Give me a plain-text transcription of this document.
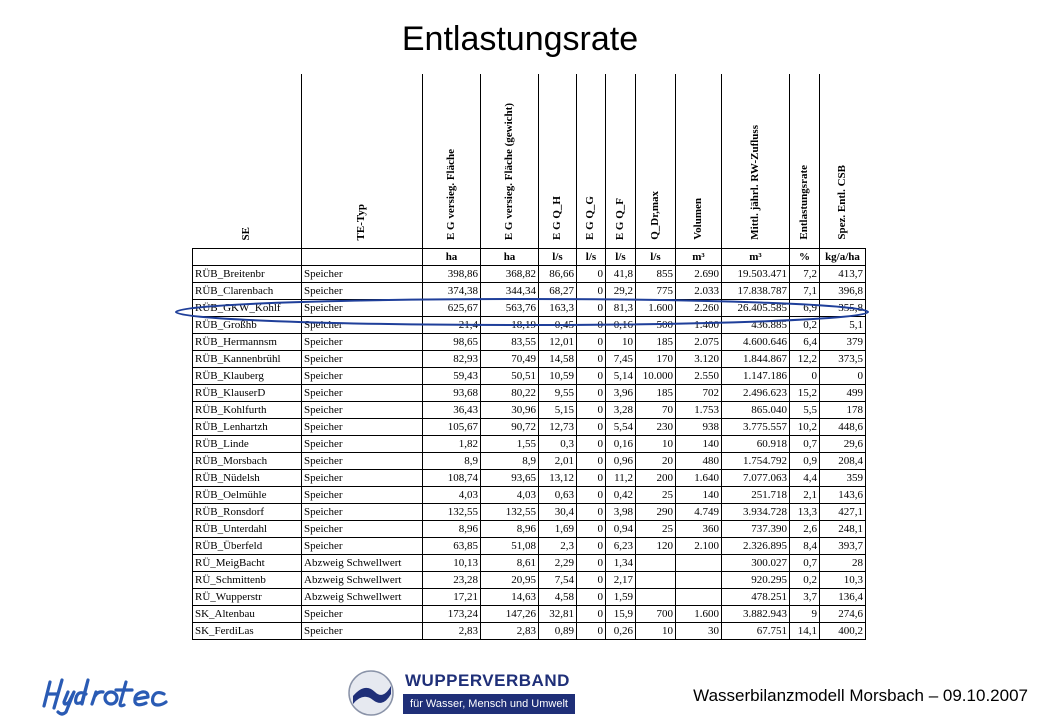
Entlastungsrate
SE	TE-Typ	E G versieg. Fläche	E G versieg. Fläche (gewicht)	E G Q_H	E G Q_G	E G Q_F	Q_Dr,max	Volumen	Mittl. jährl. RW-Zufluss	Entlastungsrate	Spez. Entl. CSB
		ha	ha	l/s	l/s	l/s	l/s	m³	m³	%	kg/a/ha
RÜB_Breitenbr	Speicher	398,86	368,82	86,66	0	41,8	855	2.690	19.503.471	7,2	413,7
RÜB_Clarenbach	Speicher	374,38	344,34	68,27	0	29,2	775	2.033	17.838.787	7,1	396,8
RÜB_GKW_Kohlf	Speicher	625,67	563,76	163,3	0	81,3	1.600	2.260	26.405.585	6,9	355,8
RÜB_Großhb	Speicher	21,4	18,19	0,45	0	0,16	500	1.400	436.885	0,2	5,1
RÜB_Hermannsm	Speicher	98,65	83,55	12,01	0	10	185	2.075	4.600.646	6,4	379
RÜB_Kannenbrühl	Speicher	82,93	70,49	14,58	0	7,45	170	3.120	1.844.867	12,2	373,5
RÜB_Klauberg	Speicher	59,43	50,51	10,59	0	5,14	10.000	2.550	1.147.186	0	0
RÜB_KlauserD	Speicher	93,68	80,22	9,55	0	3,96	185	702	2.496.623	15,2	499
RÜB_Kohlfurth	Speicher	36,43	30,96	5,15	0	3,28	70	1.753	865.040	5,5	178
RÜB_Lenhartzh	Speicher	105,67	90,72	12,73	0	5,54	230	938	3.775.557	10,2	448,6
RÜB_Linde	Speicher	1,82	1,55	0,3	0	0,16	10	140	60.918	0,7	29,6
RÜB_Morsbach	Speicher	8,9	8,9	2,01	0	0,96	20	480	1.754.792	0,9	208,4
RÜB_Nüdelsh	Speicher	108,74	93,65	13,12	0	11,2	200	1.640	7.077.063	4,4	359
RÜB_Oelmühle	Speicher	4,03	4,03	0,63	0	0,42	25	140	251.718	2,1	143,6
RÜB_Ronsdorf	Speicher	132,55	132,55	30,4	0	3,98	290	4.749	3.934.728	13,3	427,1
RÜB_Unterdahl	Speicher	8,96	8,96	1,69	0	0,94	25	360	737.390	2,6	248,1
RÜB_Überfeld	Speicher	63,85	51,08	2,3	0	6,23	120	2.100	2.326.895	8,4	393,7
RÜ_MeigBacht	Abzweig Schwellwert	10,13	8,61	2,29	0	1,34			300.027	0,7	28
RÜ_Schmittenb	Abzweig Schwellwert	23,28	20,95	7,54	0	2,17			920.295	0,2	10,3
RÜ_Wupperstr	Abzweig Schwellwert	17,21	14,63	4,58	0	1,59			478.251	3,7	136,4
SK_Altenbau	Speicher	173,24	147,26	32,81	0	15,9	700	1.600	3.882.943	9	274,6
SK_FerdiLas	Speicher	2,83	2,83	0,89	0	0,26	10	30	67.751	14,1	400,2
WUPPERVERBAND
für Wasser, Mensch und Umwelt	Wasserbilanzmodell Morsbach – 09.10.2007
